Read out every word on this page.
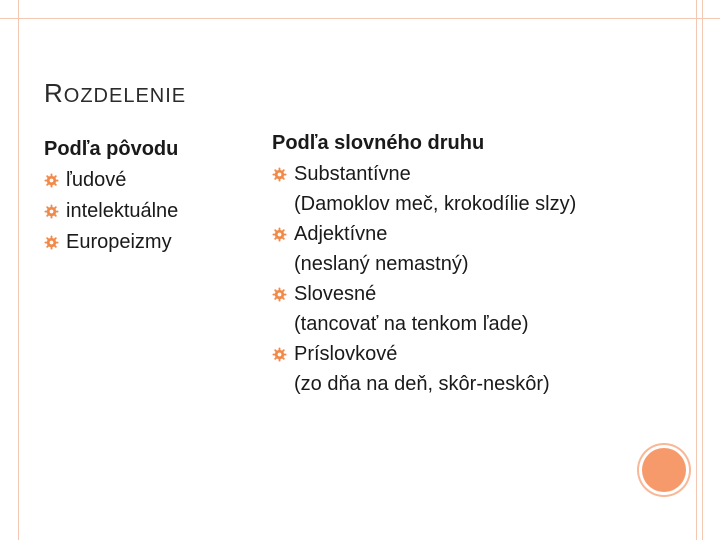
ROZDELENIE
Podľa pôvodu
ľudové
intelektuálne
Europeizmy
Podľa slovného druhu
Substantívne
(Damoklov meč, krokodílie slzy)
Adjektívne
(neslaný nemastný)
Slovesné
(tancovať na tenkom ľade)
Príslovkové
(zo dňa na deň, skôr-neskôr)
